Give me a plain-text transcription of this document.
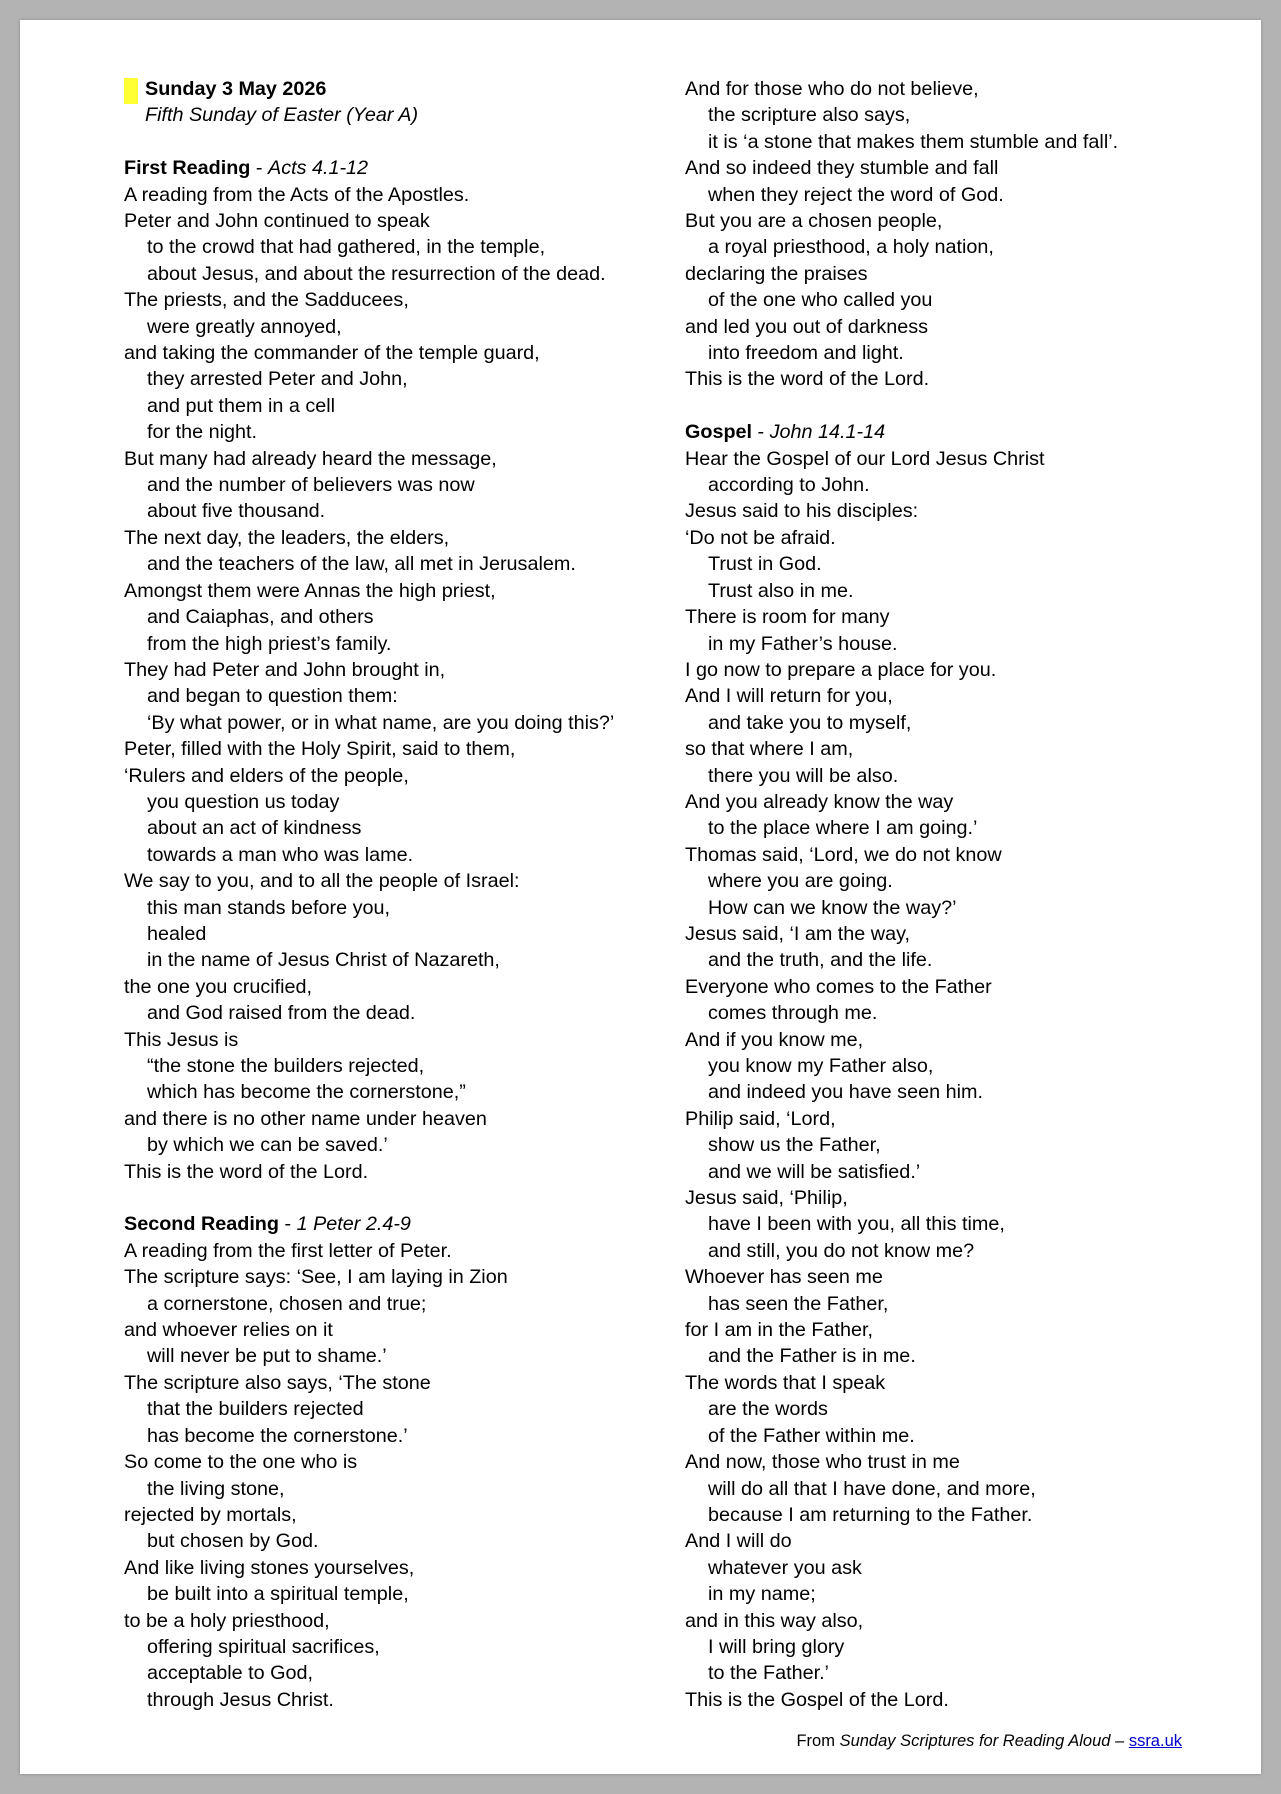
Sunday 3 May 2026
Fifth Sunday of Easter (Year A)
First Reading - Acts 4.1-12
A reading from the Acts of the Apostles.
Peter and John continued to speak
to the crowd that had gathered, in the temple,
about Jesus, and about the resurrection of the dead.
The priests, and the Sadducees,
were greatly annoyed,
and taking the commander of the temple guard,
they arrested Peter and John,
and put them in a cell
for the night.
But many had already heard the message,
and the number of believers was now
about five thousand.
The next day, the leaders, the elders,
and the teachers of the law, all met in Jerusalem.
Amongst them were Annas the high priest,
and Caiaphas, and others
from the high priest’s family.
They had Peter and John brought in,
and began to question them:
‘By what power, or in what name, are you doing this?’
Peter, filled with the Holy Spirit, said to them,
‘Rulers and elders of the people,
you question us today
about an act of kindness
towards a man who was lame.
We say to you, and to all the people of Israel:
this man stands before you,
healed
in the name of Jesus Christ of Nazareth,
the one you crucified,
and God raised from the dead.
This Jesus is
“the stone the builders rejected,
which has become the cornerstone,”
and there is no other name under heaven
by which we can be saved.’
This is the word of the Lord.
Second Reading - 1 Peter 2.4-9
A reading from the first letter of Peter.
The scripture says: ‘See, I am laying in Zion
a cornerstone, chosen and true;
and whoever relies on it
will never be put to shame.’
The scripture also says, ‘The stone
that the builders rejected
has become the cornerstone.’
So come to the one who is
the living stone,
rejected by mortals,
but chosen by God.
And like living stones yourselves,
be built into a spiritual temple,
to be a holy priesthood,
offering spiritual sacrifices,
acceptable to God,
through Jesus Christ.
And for those who do not believe,
the scripture also says,
it is ‘a stone that makes them stumble and fall’.
And so indeed they stumble and fall
when they reject the word of God.
But you are a chosen people,
a royal priesthood, a holy nation,
declaring the praises
of the one who called you
and led you out of darkness
into freedom and light.
This is the word of the Lord.
Gospel - John 14.1-14
Hear the Gospel of our Lord Jesus Christ
according to John.
Jesus said to his disciples:
‘Do not be afraid.
Trust in God.
Trust also in me.
There is room for many
in my Father’s house.
I go now to prepare a place for you.
And I will return for you,
and take you to myself,
so that where I am,
there you will be also.
And you already know the way
to the place where I am going.’
Thomas said, ‘Lord, we do not know
where you are going.
How can we know the way?’
Jesus said, ‘I am the way,
and the truth, and the life.
Everyone who comes to the Father
comes through me.
And if you know me,
you know my Father also,
and indeed you have seen him.
Philip said, ‘Lord,
show us the Father,
and we will be satisfied.’
Jesus said, ‘Philip,
have I been with you, all this time,
and still, you do not know me?
Whoever has seen me
has seen the Father,
for I am in the Father,
and the Father is in me.
The words that I speak
are the words
of the Father within me.
And now, those who trust in me
will do all that I have done, and more,
because I am returning to the Father.
And I will do
whatever you ask
in my name;
and in this way also,
I will bring glory
to the Father.’
This is the Gospel of the Lord.
From Sunday Scriptures for Reading Aloud – ssra.uk
